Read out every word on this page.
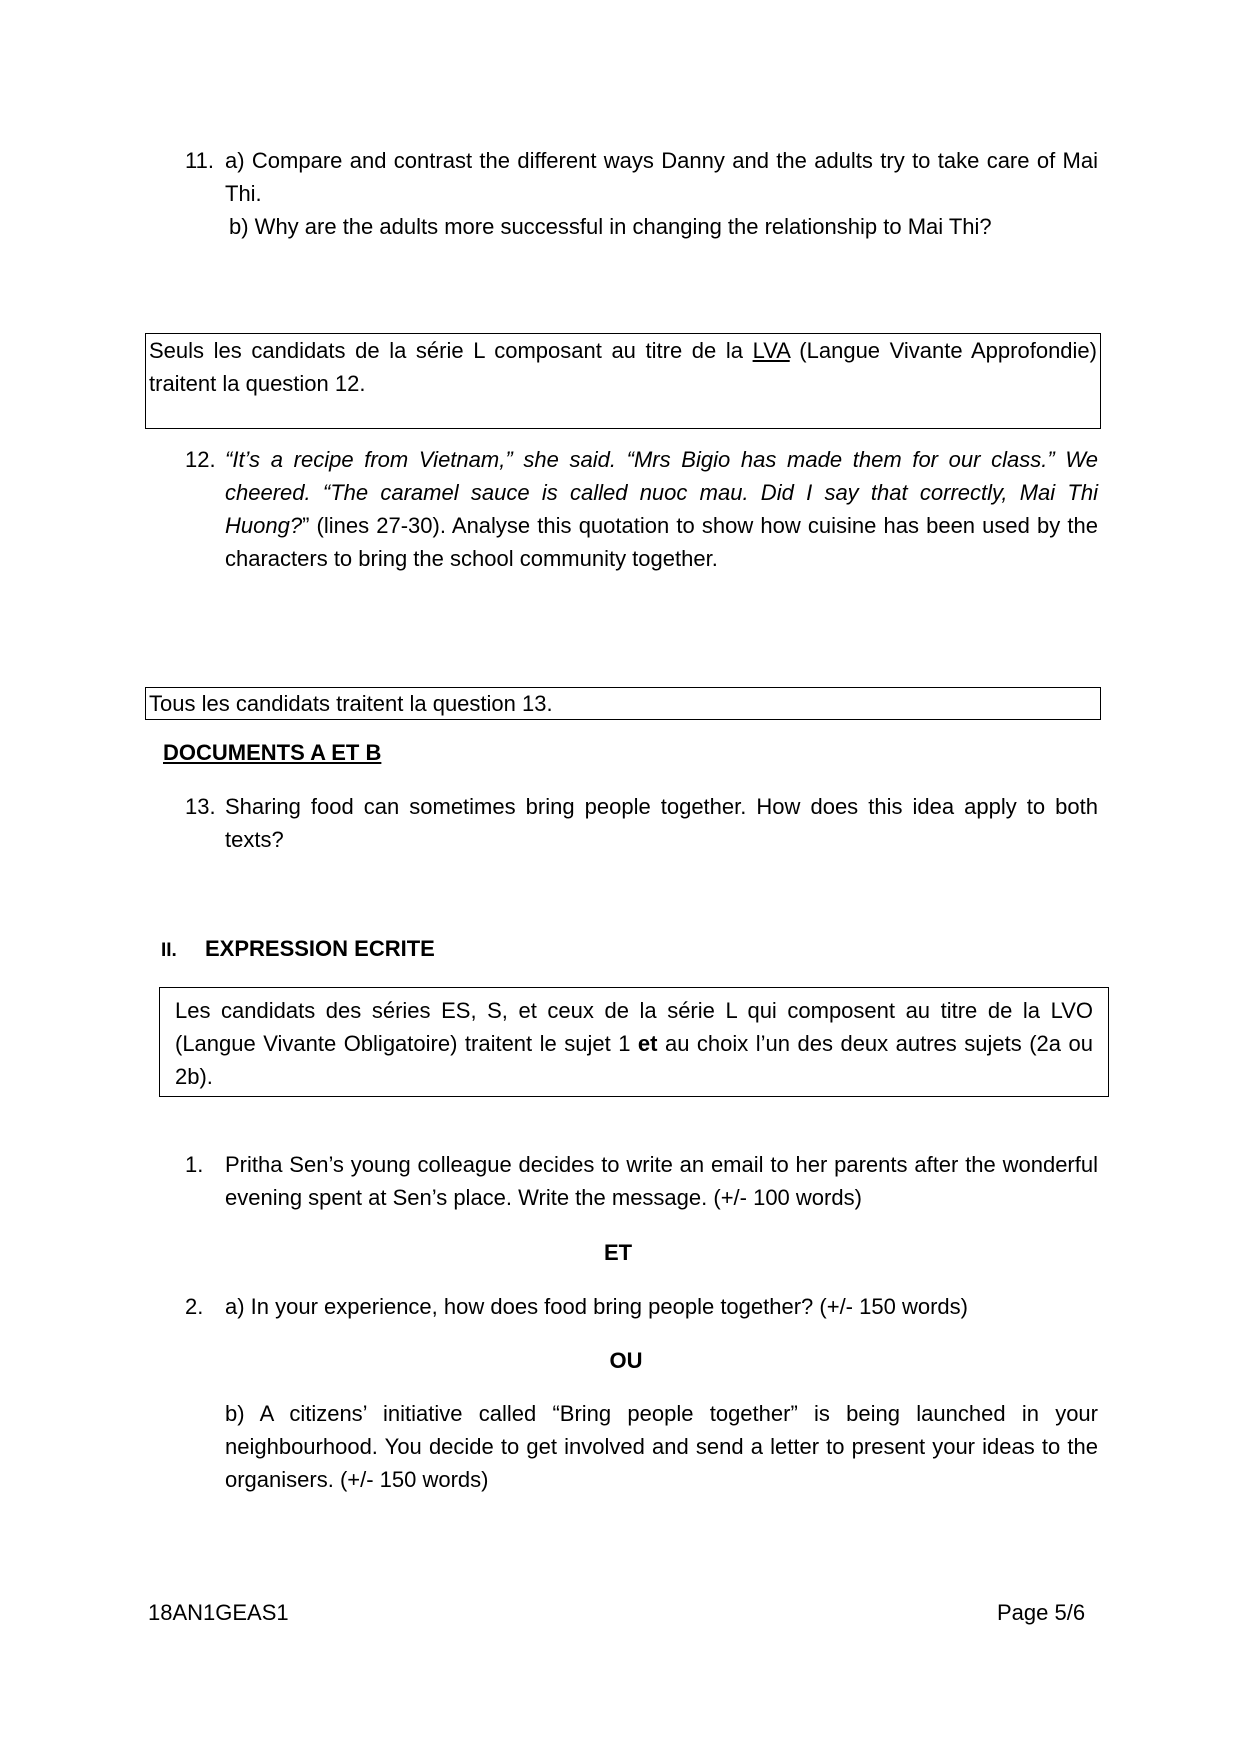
11. a) Compare and contrast the different ways Danny and the adults try to take care of Mai Thi.
b) Why are the adults more successful in changing the relationship to Mai Thi?
Seuls les candidats de la série L composant au titre de la LVA (Langue Vivante Approfondie) traitent la question 12.
12. “It’s a recipe from Vietnam,” she said. “Mrs Bigio has made them for our class.” We cheered. “The caramel sauce is called nuoc mau. Did I say that correctly, Mai Thi Huong?” (lines 27-30). Analyse this quotation to show how cuisine has been used by the characters to bring the school community together.
Tous les candidats traitent la question 13.
DOCUMENTS A ET B
13. Sharing food can sometimes bring people together. How does this idea apply to both texts?
II. EXPRESSION ECRITE
Les candidats des séries ES, S, et ceux de la série L qui composent au titre de la LVO (Langue Vivante Obligatoire) traitent le sujet 1 et au choix l’un des deux autres sujets (2a ou 2b).
1. Pritha Sen’s young colleague decides to write an email to her parents after the wonderful evening spent at Sen’s place. Write the message. (+/- 100 words)
ET
2. a) In your experience, how does food bring people together? (+/- 150 words)
OU
b) A citizens’ initiative called “Bring people together” is being launched in your neighbourhood. You decide to get involved and send a letter to present your ideas to the organisers. (+/- 150 words)
18AN1GEAS1	Page 5/6
